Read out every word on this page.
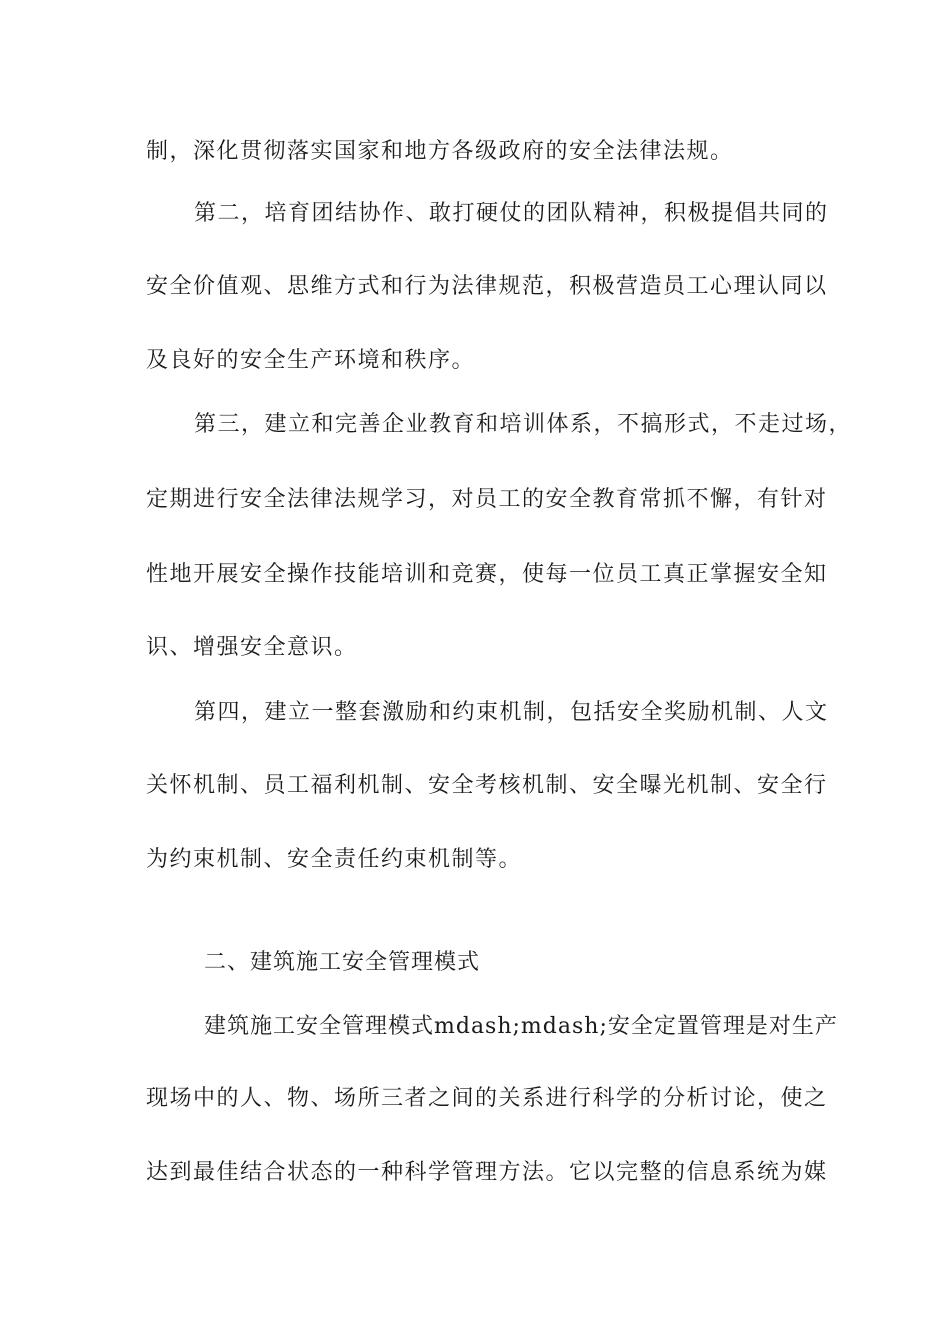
制，深化贯彻落实国家和地方各级政府的安全法律法规。
第二，培育团结协作、敢打硬仗的团队精神，积极提倡共同的
安全价值观、思维方式和行为法律规范，积极营造员工心理认同以
及良好的安全生产环境和秩序。
第三，建立和完善企业教育和培训体系，不搞形式，不走过场，
定期进行安全法律法规学习，对员工的安全教育常抓不懈，有针对
性地开展安全操作技能培训和竞赛，使每一位员工真正掌握安全知
识、增强安全意识。
第四，建立一整套激励和约束机制，包括安全奖励机制、人文
关怀机制、员工福利机制、安全考核机制、安全曝光机制、安全行
为约束机制、安全责任约束机制等。
二、建筑施工安全管理模式
建筑施工安全管理模式mdash;mdash;安全定置管理是对生产
现场中的人、物、场所三者之间的关系进行科学的分析讨论，使之
达到最佳结合状态的一种科学管理方法。它以完整的信息系统为媒
